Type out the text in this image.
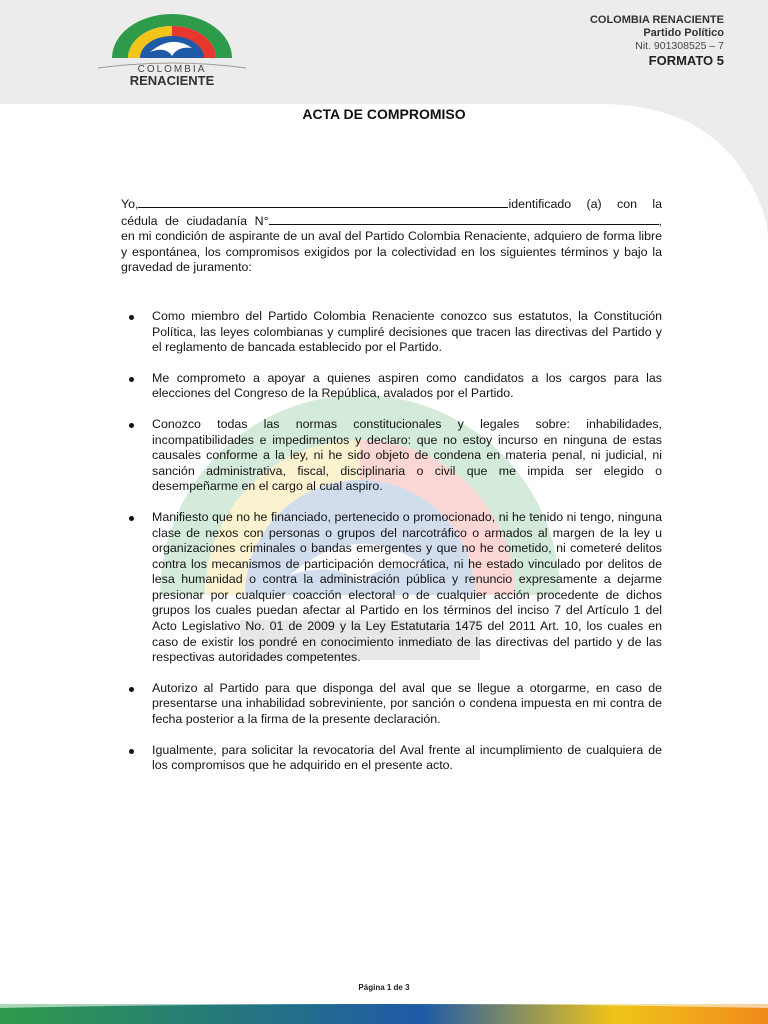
COLOMBIA
RENACIENTE
COLOMBIA RENACIENTE
Partido Político
Nit. 901308525 – 7
FORMATO 5
ACTA DE COMPROMISO

Yo,	identificado (a) con la cédula de ciudadanía N°	, en mi condición de aspirante de un aval del Partido Colombia Renaciente, adquiero de forma libre y espontánea, los compromisos exigidos por la colectividad en los siguientes términos y bajo la gravedad de juramento:

Como miembro del Partido Colombia Renaciente conozco sus estatutos, la Constitución Política, las leyes colombianas y cumpliré decisiones que tracen las directivas del Partido y el reglamento de bancada establecido por el Partido.
Me comprometo a apoyar a quienes aspiren como candidatos a los cargos para las elecciones del Congreso de la República, avalados por el Partido.
Conozco todas las normas constitucionales y legales sobre: inhabilidades, incompatibilidades e impedimentos y declaro: que no estoy incurso en ninguna de estas causales conforme a la ley, ni he sido objeto de condena en materia penal, ni judicial, ni sanción administrativa, fiscal, disciplinaria o civil que me impida ser elegido o desempeñarme en el cargo al cual aspiro.
Manifiesto que no he financiado, pertenecido o promocionado, ni he tenido ni tengo, ninguna clase de nexos con personas o grupos del narcotráfico o armados al margen de la ley u organizaciones criminales o bandas emergentes y que no he cometido, ni cometeré delitos contra los mecanismos de participación democrática, ni he estado vinculado por delitos de lesa humanidad o contra la administración pública y renuncio expresamente a dejarme presionar por cualquier coacción electoral o de cualquier acción procedente de dichos grupos los cuales puedan afectar al Partido en los términos del inciso 7 del Artículo 1 del Acto Legislativo No. 01 de 2009 y la Ley Estatutaria 1475 del 2011 Art. 10, los cuales en caso de existir los pondré en conocimiento inmediato de las directivas del partido y de las respectivas autoridades competentes.
Autorizo al Partido para que disponga del aval que se llegue a otorgarme, en caso de presentarse una inhabilidad sobreviniente, por sanción o condena impuesta en mi contra de fecha posterior a la firma de la presente declaración.
Igualmente, para solicitar la revocatoria del Aval frente al incumplimiento de cualquiera de los compromisos que he adquirido en el presente acto.
Página 1 de 3
